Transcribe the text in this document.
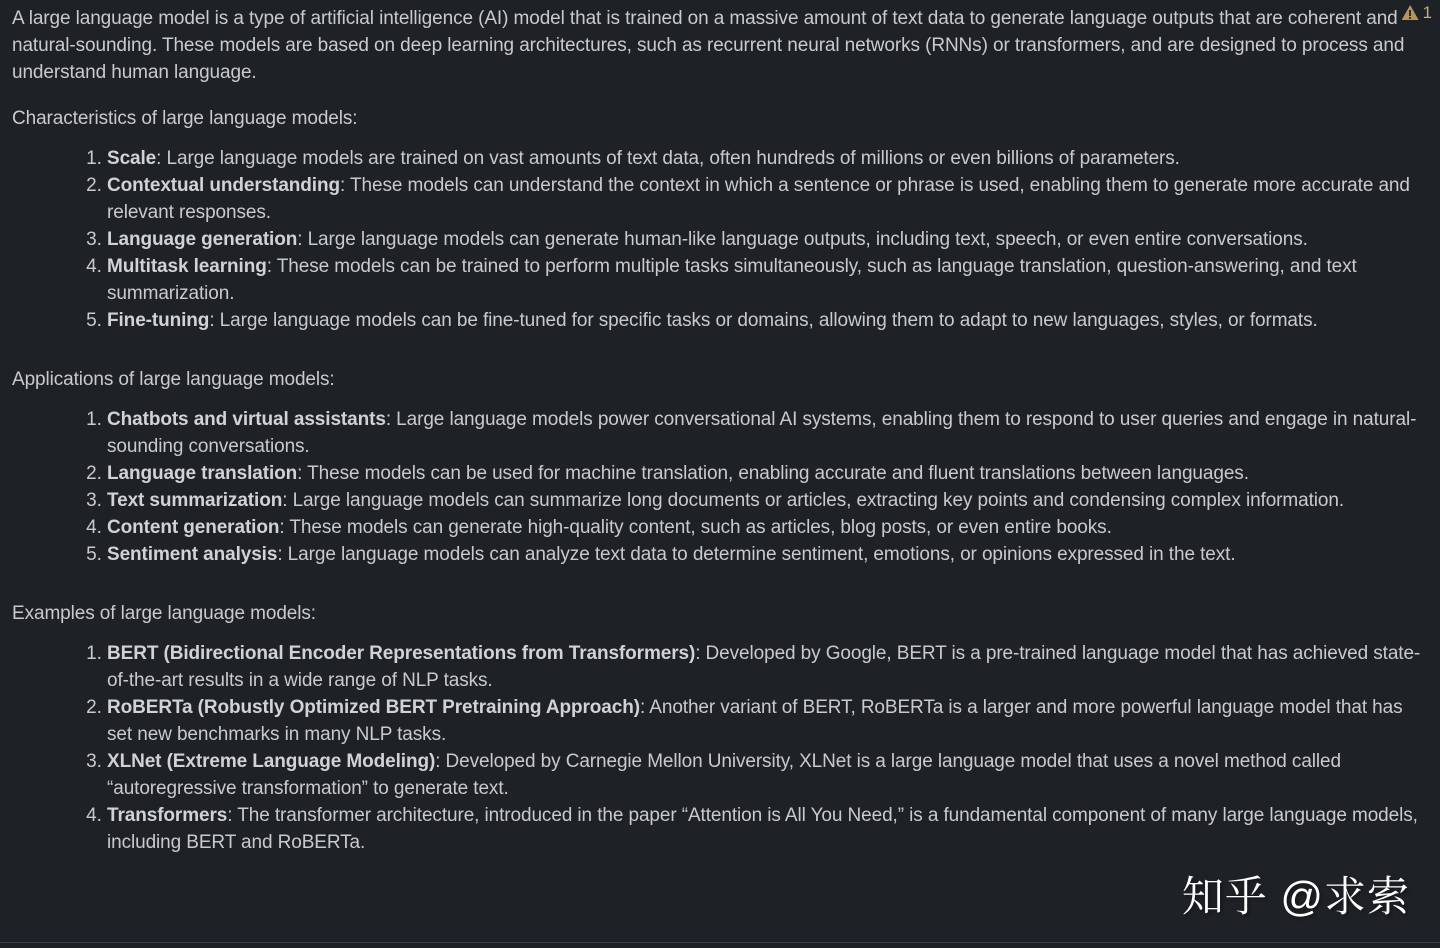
1

A large language model is a type of artificial intelligence (AI) model that is trained on a massive amount of text data to generate language outputs that are coherent and natural-sounding. These models are based on deep learning architectures, such as recurrent neural networks (RNNs) or transformers, and are designed to process and understand human language.

Characteristics of large language models:
1. Scale: Large language models are trained on vast amounts of text data, often hundreds of millions or even billions of parameters.
2. Contextual understanding: These models can understand the context in which a sentence or phrase is used, enabling them to generate more accurate and relevant responses.
3. Language generation: Large language models can generate human-like language outputs, including text, speech, or even entire conversations.
4. Multitask learning: These models can be trained to perform multiple tasks simultaneously, such as language translation, question-answering, and text summarization.
5. Fine-tuning: Large language models can be fine-tuned for specific tasks or domains, allowing them to adapt to new languages, styles, or formats.
Applications of large language models:
1. Chatbots and virtual assistants: Large language models power conversational AI systems, enabling them to respond to user queries and engage in natural-sounding conversations.
2. Language translation: These models can be used for machine translation, enabling accurate and fluent translations between languages.
3. Text summarization: Large language models can summarize long documents or articles, extracting key points and condensing complex information.
4. Content generation: These models can generate high-quality content, such as articles, blog posts, or even entire books.
5. Sentiment analysis: Large language models can analyze text data to determine sentiment, emotions, or opinions expressed in the text.
Examples of large language models:
1. BERT (Bidirectional Encoder Representations from Transformers): Developed by Google, BERT is a pre-trained language model that has achieved state-of-the-art results in a wide range of NLP tasks.
2. RoBERTa (Robustly Optimized BERT Pretraining Approach): Another variant of BERT, RoBERTa is a larger and more powerful language model that has set new benchmarks in many NLP tasks.
3. XLNet (Extreme Language Modeling): Developed by Carnegie Mellon University, XLNet is a large language model that uses a novel method called “autoregressive transformation” to generate text.
4. Transformers: The transformer architecture, introduced in the paper “Attention is All You Need,” is a fundamental component of many large language models, including BERT and RoBERTa.
知乎 @求索
